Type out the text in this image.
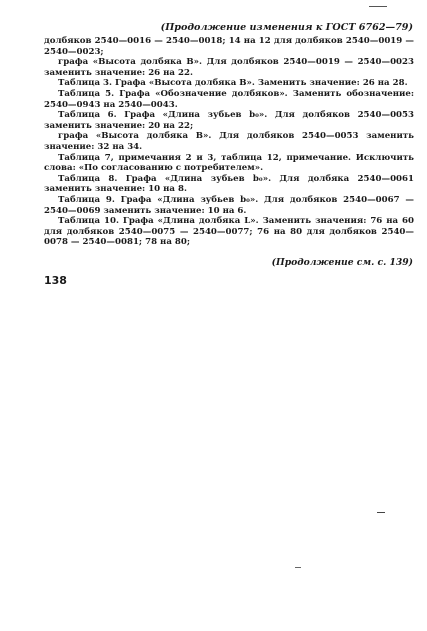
(Продолжение изменения к ГОСТ 6762—79)

долбяков 2540—0016 — 2540—0018; 14 на 12 для долбяков 2540—0019 — 2540—0023;

графа «Высота долбяка В». Для долбяков 2540—0019 — 2540—0023 заменить значение: 26 на 22.

Таблица 3. Графа «Высота долбяка В». Заменить значение: 26 на 28.

Таблица 5. Графа «Обозначение долбяков». Заменить обозначение: 2540—0943 на 2540—0043.

Таблица 6. Графа «Длина зубьев b₀». Для долбяков 2540—0053 заменить значение: 20 на 22;

графа «Высота долбяка В». Для долбяков 2540—0053 заменить значение: 32 на 34.

Таблица 7, примечания 2 и 3, таблица 12, примечание. Исключить слова: «По согласованию с потребителем».

Таблица 8. Графа «Длина зубьев b₀». Для долбяка 2540—0061 заменить значение: 10 на 8.

Таблица 9. Графа «Длина зубьев b₀». Для долбяков 2540—0067 — 2540—0069 заменить значение: 10 на 6.

Таблица 10. Графа «Длина долбяка L». Заменить значения: 76 на 60 для долбяков 2540—0075 — 2540—0077; 76 на 80 для долбяков 2540—0078 — 2540—0081; 78 на 80;

(Продолжение см. с. 139)
138
